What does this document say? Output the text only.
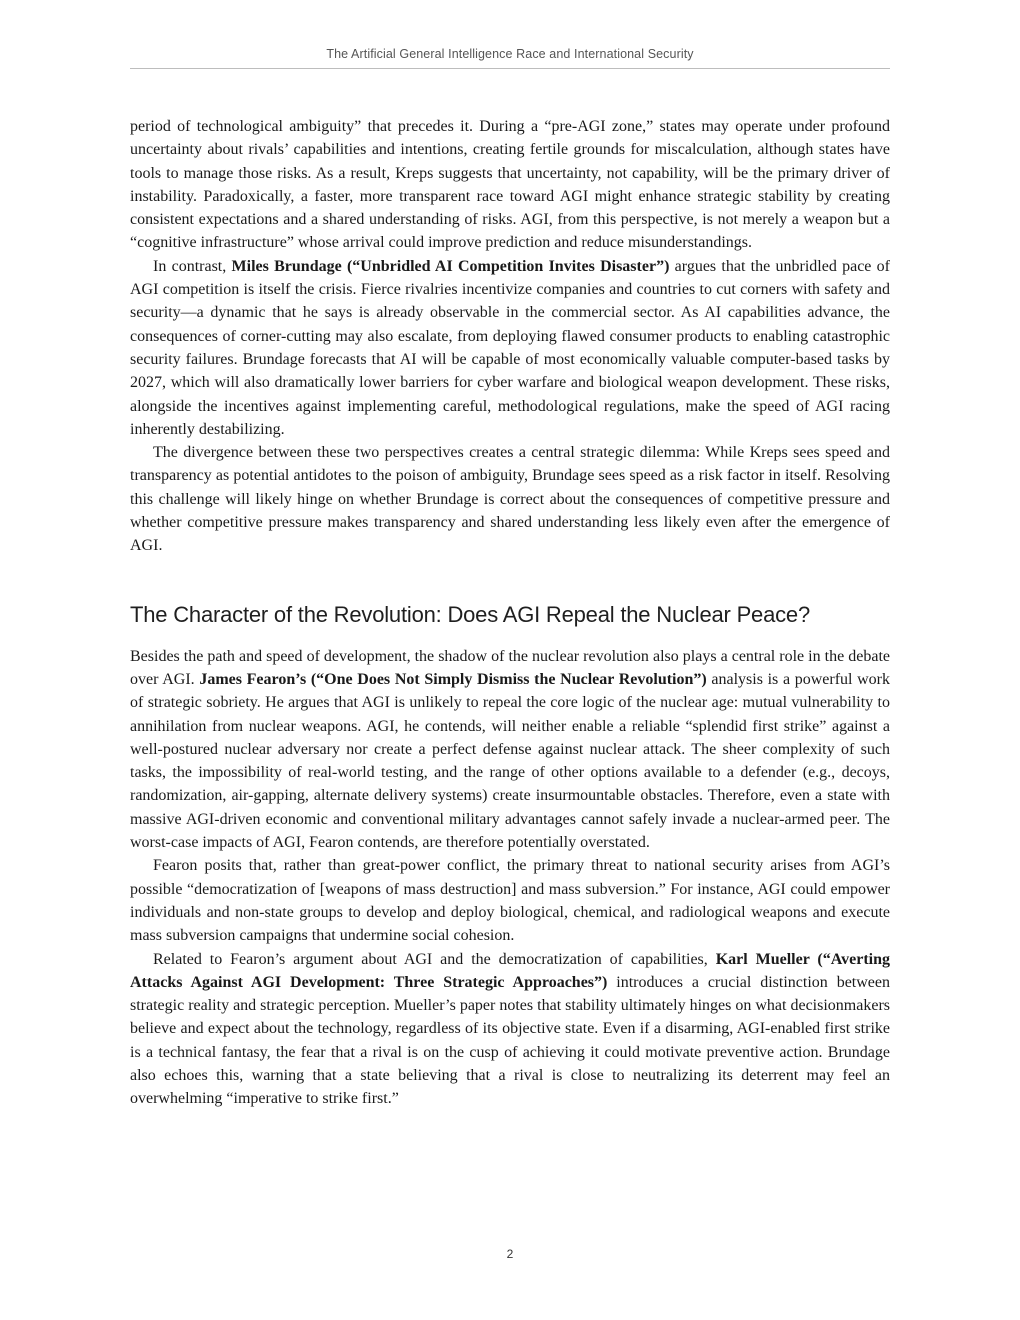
The Artificial General Intelligence Race and International Security

period of technological ambiguity” that precedes it. During a “pre-AGI zone,” states may operate under profound uncertainty about rivals’ capabilities and intentions, creating fertile grounds for miscalculation, although states have tools to manage those risks. As a result, Kreps suggests that uncertainty, not capability, will be the primary driver of instability. Paradoxically, a faster, more transparent race toward AGI might enhance strategic stability by creating consistent expectations and a shared understanding of risks. AGI, from this perspective, is not merely a weapon but a “cognitive infrastructure” whose arrival could improve prediction and reduce misunderstandings.

In contrast, Miles Brundage (“Unbridled AI Competition Invites Disaster”) argues that the unbridled pace of AGI competition is itself the crisis. Fierce rivalries incentivize companies and countries to cut corners with safety and security—a dynamic that he says is already observable in the commercial sector. As AI capabilities advance, the consequences of corner-cutting may also escalate, from deploying flawed consumer products to enabling catastrophic security failures. Brundage forecasts that AI will be capable of most economically valuable computer-based tasks by 2027, which will also dramatically lower barriers for cyber warfare and biological weapon development. These risks, alongside the incentives against implementing careful, methodological regulations, make the speed of AGI racing inherently destabilizing.

The divergence between these two perspectives creates a central strategic dilemma: While Kreps sees speed and transparency as potential antidotes to the poison of ambiguity, Brundage sees speed as a risk factor in itself. Resolving this challenge will likely hinge on whether Brundage is correct about the consequences of competitive pressure and whether competitive pressure makes transparency and shared understanding less likely even after the emergence of AGI.

The Character of the Revolution: Does AGI Repeal the Nuclear Peace?

Besides the path and speed of development, the shadow of the nuclear revolution also plays a central role in the debate over AGI. James Fearon’s (“One Does Not Simply Dismiss the Nuclear Revolution”) analysis is a powerful work of strategic sobriety. He argues that AGI is unlikely to repeal the core logic of the nuclear age: mutual vulnerability to annihilation from nuclear weapons. AGI, he contends, will neither enable a reliable “splendid first strike” against a well-postured nuclear adversary nor create a perfect defense against nuclear attack. The sheer complexity of such tasks, the impossibility of real-world testing, and the range of other options available to a defender (e.g., decoys, randomization, air-gapping, alternate delivery systems) create insurmountable obstacles. Therefore, even a state with massive AGI-driven economic and conventional military advantages cannot safely invade a nuclear-armed peer. The worst-case impacts of AGI, Fearon contends, are therefore potentially overstated.

Fearon posits that, rather than great-power conflict, the primary threat to national security arises from AGI’s possible “democratization of [weapons of mass destruction] and mass subversion.” For instance, AGI could empower individuals and non-state groups to develop and deploy biological, chemical, and radiological weapons and execute mass subversion campaigns that undermine social cohesion.

Related to Fearon’s argument about AGI and the democratization of capabilities, Karl Mueller (“Averting Attacks Against AGI Development: Three Strategic Approaches”) introduces a crucial distinction between strategic reality and strategic perception. Mueller’s paper notes that stability ultimately hinges on what decisionmakers believe and expect about the technology, regardless of its objective state. Even if a disarming, AGI-enabled first strike is a technical fantasy, the fear that a rival is on the cusp of achieving it could motivate preventive action. Brundage also echoes this, warning that a state believing that a rival is close to neutralizing its deterrent may feel an overwhelming “imperative to strike first.”

2
